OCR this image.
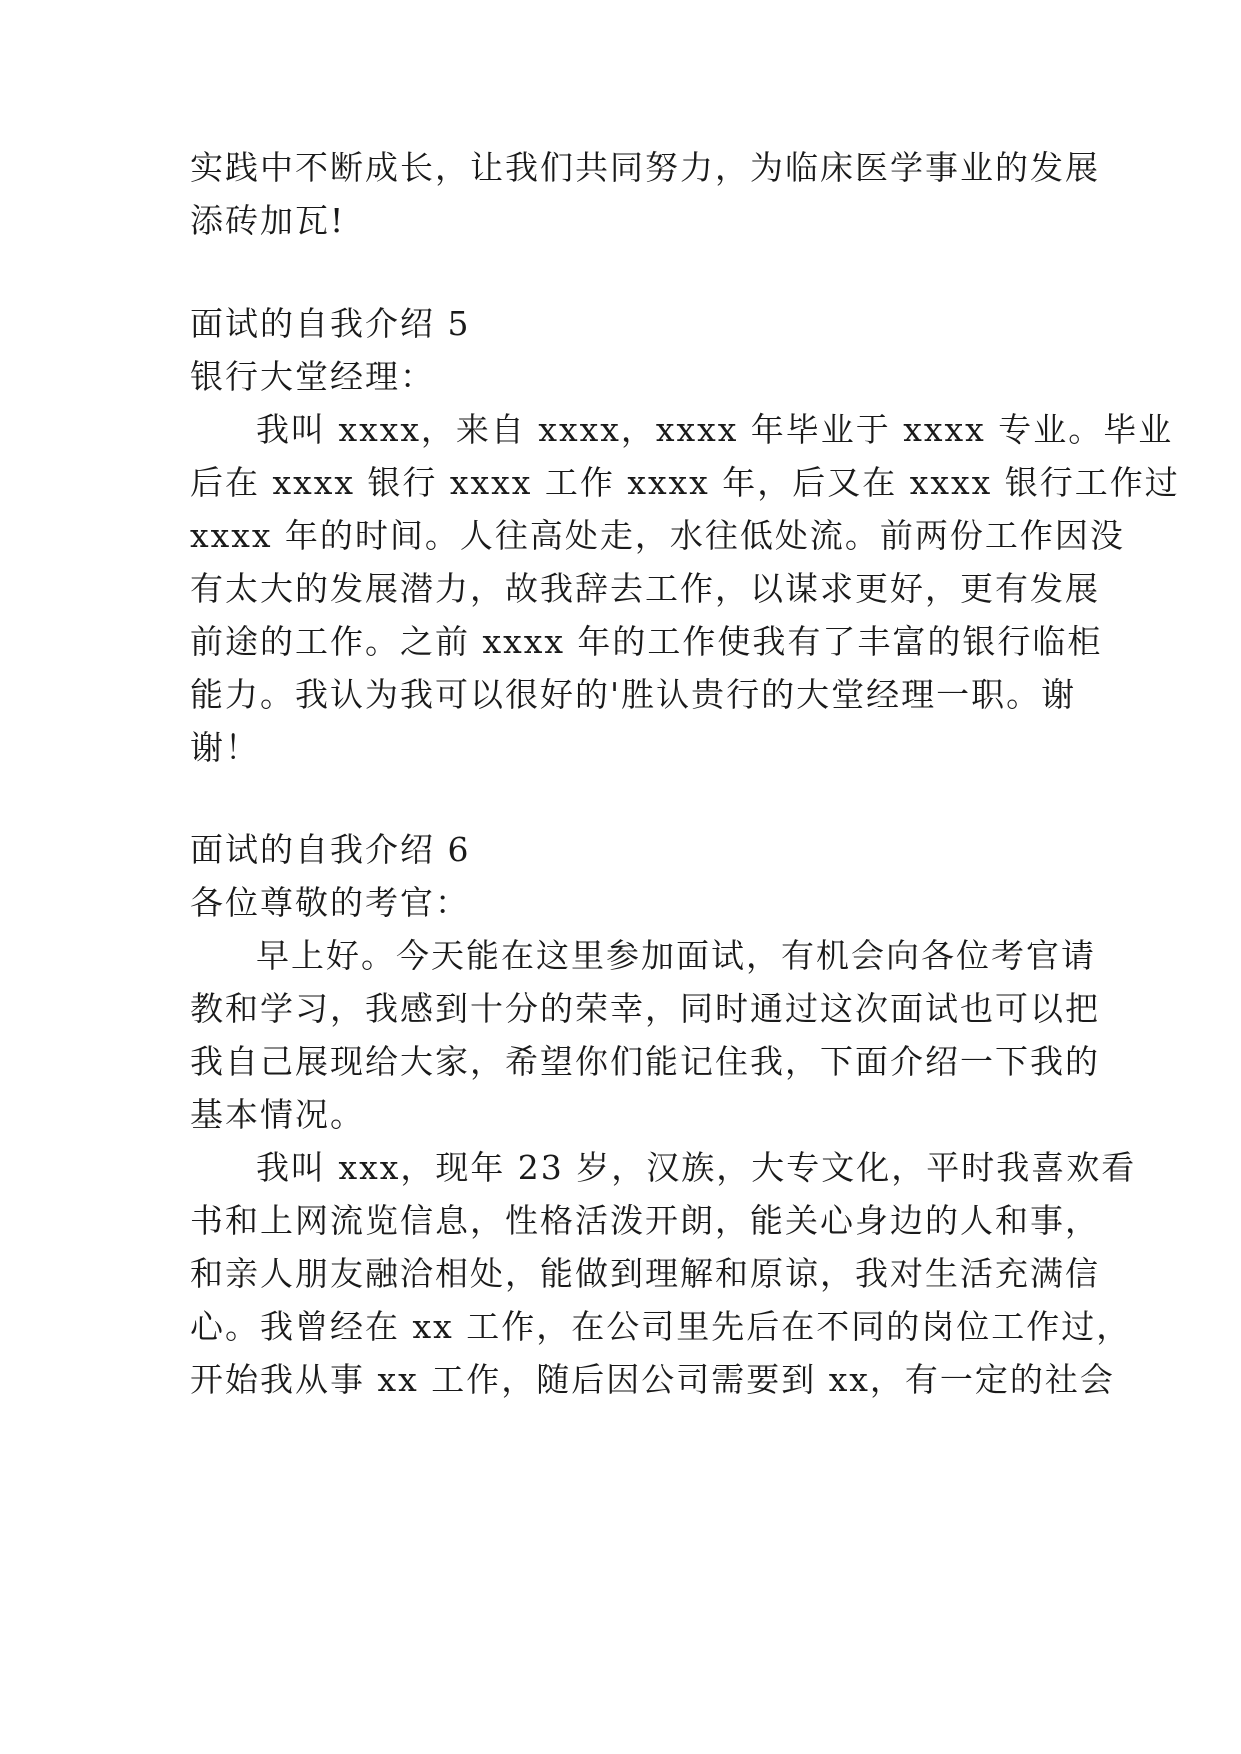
实践中不断成长，让我们共同努力，为临床医学事业的发展
添砖加瓦!
面试的自我介绍 5
银行大堂经理：
我叫 xxxx，来自 xxxx，xxxx 年毕业于 xxxx 专业。毕业
后在 xxxx 银行 xxxx 工作 xxxx 年，后又在 xxxx 银行工作过
xxxx 年的时间。人往高处走，水往低处流。前两份工作因没
有太大的发展潜力，故我辞去工作，以谋求更好，更有发展
前途的工作。之前 xxxx 年的工作使我有了丰富的银行临柜
能力。我认为我可以很好的'胜认贵行的大堂经理一职。谢
谢！
面试的自我介绍 6
各位尊敬的考官：
早上好。今天能在这里参加面试，有机会向各位考官请
教和学习，我感到十分的荣幸，同时通过这次面试也可以把
我自己展现给大家，希望你们能记住我，下面介绍一下我的
基本情况。
我叫 xxx，现年 23 岁，汉族，大专文化，平时我喜欢看
书和上网流览信息，性格活泼开朗，能关心身边的人和事，
和亲人朋友融洽相处，能做到理解和原谅，我对生活充满信
心。我曾经在 xx 工作，在公司里先后在不同的岗位工作过，
开始我从事 xx 工作，随后因公司需要到 xx，有一定的社会
